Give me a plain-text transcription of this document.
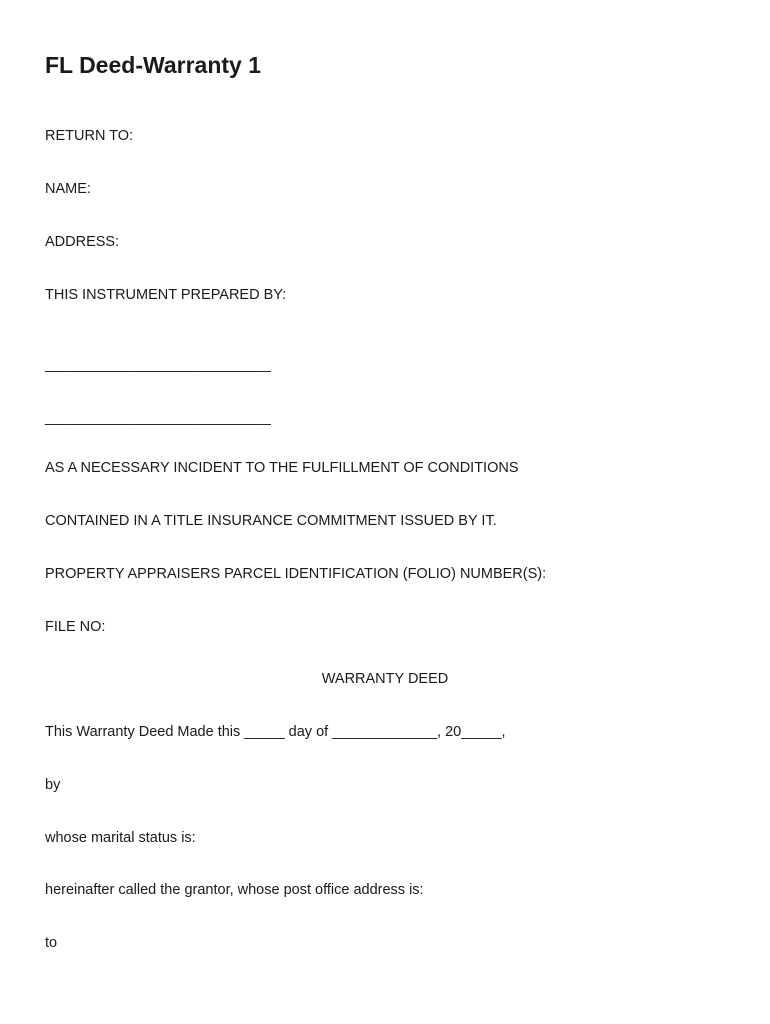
FL Deed-Warranty 1
RETURN TO:
NAME:
ADDRESS:
THIS INSTRUMENT PREPARED BY:
____________________________
____________________________
AS A NECESSARY INCIDENT TO THE FULFILLMENT OF CONDITIONS
CONTAINED IN A TITLE INSURANCE COMMITMENT ISSUED BY IT.
PROPERTY APPRAISERS PARCEL IDENTIFICATION (FOLIO) NUMBER(S):
FILE NO:
WARRANTY DEED
This Warranty Deed Made this _____ day of _____________, 20_____,
by
whose marital status is:
hereinafter called the grantor, whose post office address is:
to
